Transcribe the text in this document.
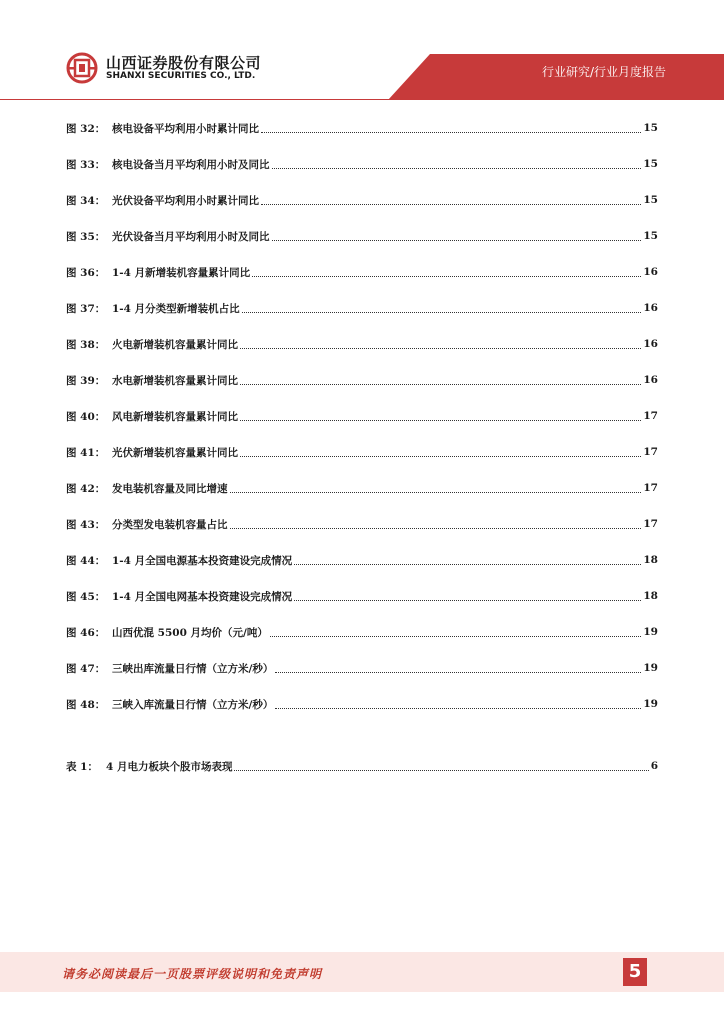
山西证券股份有限公司
SHANXI SECURITIES CO., LTD.	行业研究/行业月度报告
图 32： 核电设备平均利用小时累计同比	15
图 33： 核电设备当月平均利用小时及同比	15
图 34： 光伏设备平均利用小时累计同比	15
图 35： 光伏设备当月平均利用小时及同比	15
图 36： 1-4 月新增装机容量累计同比	16
图 37： 1-4 月分类型新增装机占比	16
图 38： 火电新增装机容量累计同比	16
图 39： 水电新增装机容量累计同比	16
图 40： 风电新增装机容量累计同比	17
图 41： 光伏新增装机容量累计同比	17
图 42： 发电装机容量及同比增速	17
图 43： 分类型发电装机容量占比	17
图 44： 1-4 月全国电源基本投资建设完成情况	18
图 45： 1-4 月全国电网基本投资建设完成情况	18
图 46： 山西优混 5500 月均价（元/吨）	19
图 47： 三峡出库流量日行情（立方米/秒）	19
图 48： 三峡入库流量日行情（立方米/秒）	19
表 1： 4 月电力板块个股市场表现	6
请务必阅读最后一页股票评级说明和免责声明	5
